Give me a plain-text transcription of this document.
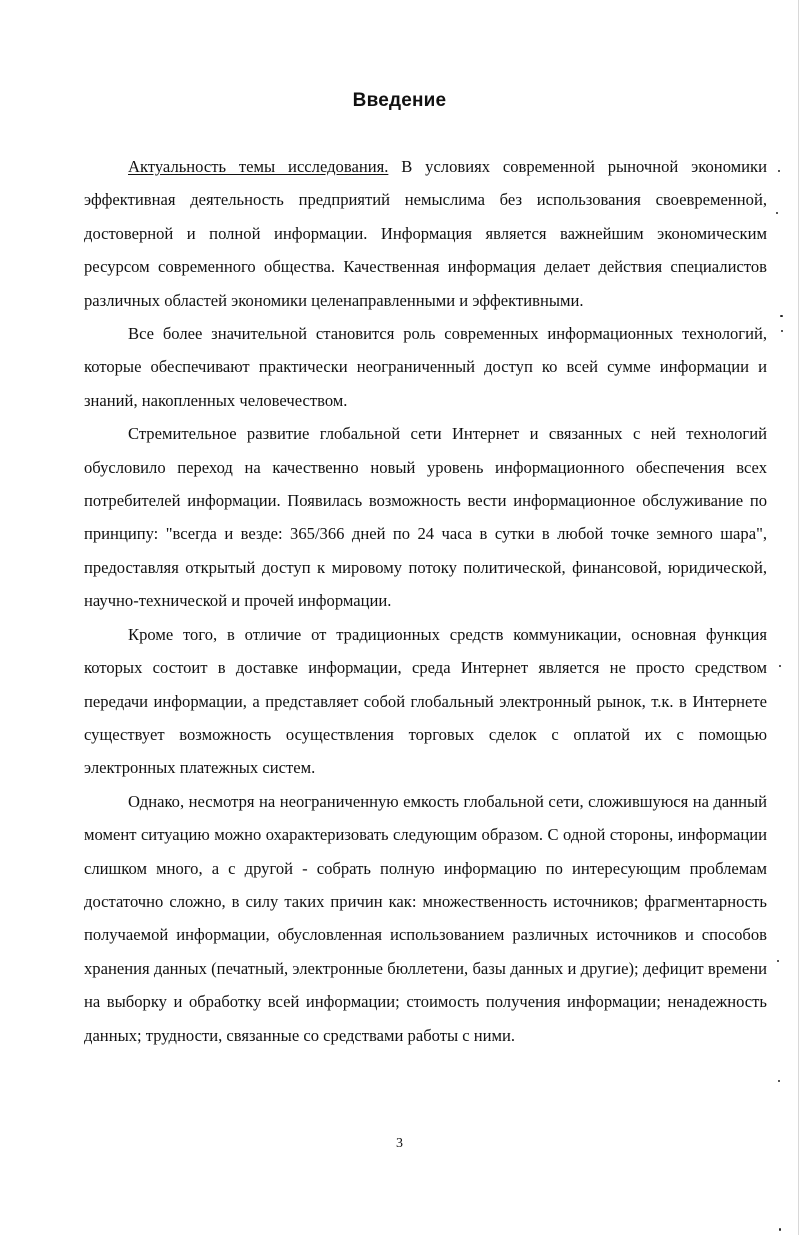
Введение

Актуальность темы исследования. В условиях современной рыночной экономики эффективная деятельность предприятий немыслима без использования своевременной, достоверной и полной информации. Информация является важнейшим экономическим ресурсом современного общества. Качественная информация делает действия специалистов различных областей экономики целенаправленными и эффективными.

Все более значительной становится роль современных информационных технологий, которые обеспечивают практически неограниченный доступ ко всей сумме информации и знаний, накопленных человечеством.

Стремительное развитие глобальной сети Интернет и связанных с ней технологий обусловило переход на качественно новый уровень информационного обеспечения всех потребителей информации. Появилась возможность вести информационное обслуживание по принципу: "всегда и везде: 365/366 дней по 24 часа в сутки в любой точке земного шара", предоставляя открытый доступ к мировому потоку политической, финансовой, юридической, научно-технической и прочей информации.

Кроме того, в отличие от традиционных средств коммуникации, основная функция которых состоит в доставке информации, среда Интернет является не просто средством передачи информации, а представляет собой глобальный электронный рынок, т.к. в Интернете существует возможность осуществления торговых сделок с оплатой их с помощью электронных платежных систем.

Однако, несмотря на неограниченную емкость глобальной сети, сложившуюся на данный момент ситуацию можно охарактеризовать следующим образом. С одной стороны, информации слишком много, а с другой - собрать полную информацию по интересующим проблемам достаточно сложно, в силу таких причин как: множественность источников; фрагментарность получаемой информации, обусловленная использованием различных источников и способов хранения данных (печатный, электронные бюллетени, базы данных и другие); дефицит времени на выборку и обработку всей информации; стоимость получения информации; ненадежность данных; трудности, связанные со средствами работы с ними.

3
